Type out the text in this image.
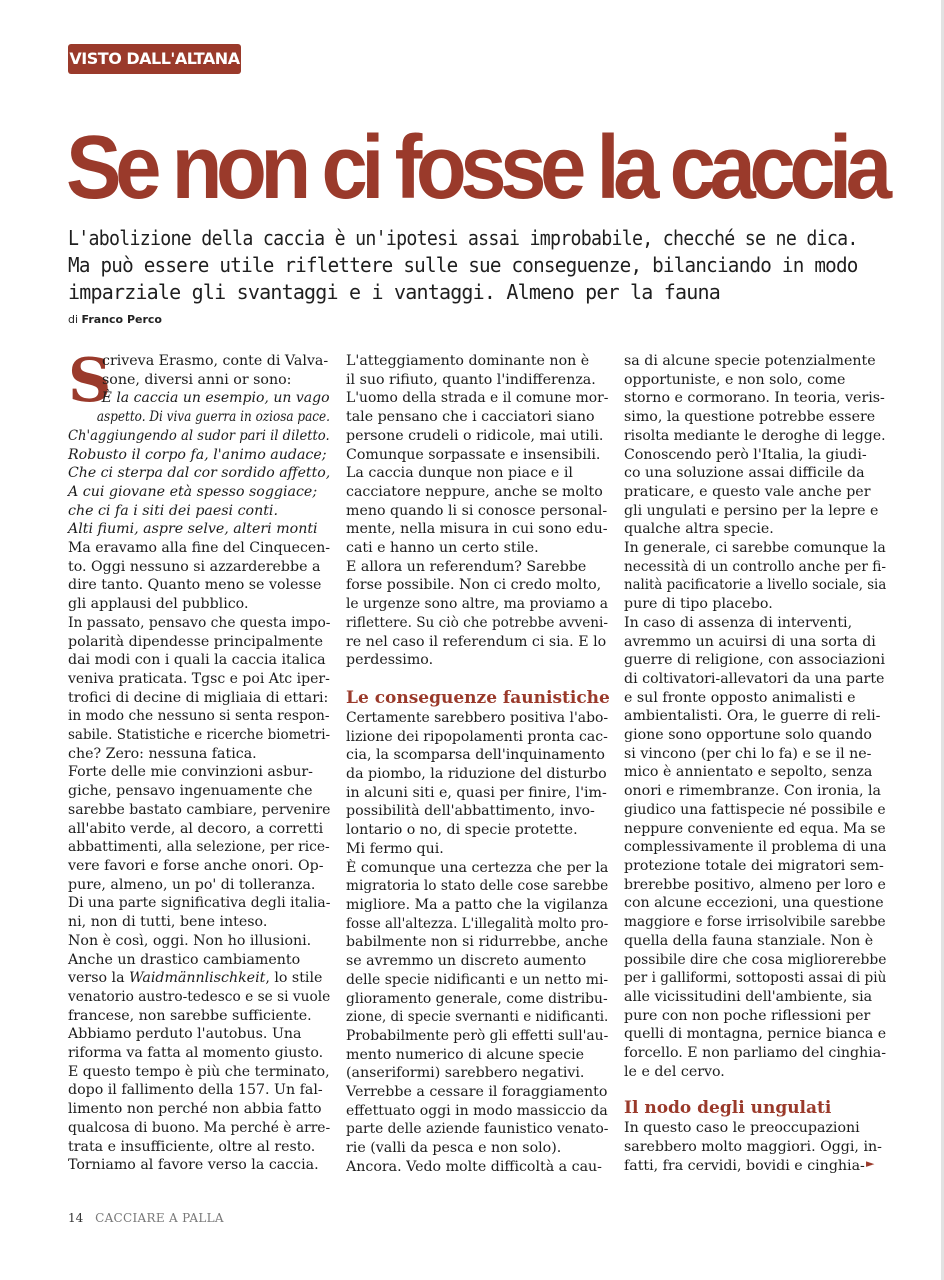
VISTO DALL'ALTANA
Se non ci fosse la caccia
L'abolizione della caccia è un'ipotesi assai improbabile, checché se ne dica.
Ma può essere utile riflettere sulle sue conseguenze, bilanciando in modo
imparziale gli svantaggi e i vantaggi. Almeno per la fauna
di Franco Perco
S
criveva Erasmo, conte di Valva-
sone, diversi anni or sono:
È la caccia un esempio, un vago
aspetto. Di viva guerra in oziosa pace.
Ch'aggiungendo al sudor pari il diletto.
Robusto il corpo fa, l'animo audace;
Che ci sterpa dal cor sordido affetto,
A cui giovane età spesso soggiace;
che ci fa i siti dei paesi conti.
Alti fiumi, aspre selve, alteri monti
Ma eravamo alla fine del Cinquecen-
to. Oggi nessuno si azzarderebbe a
dire tanto. Quanto meno se volesse
gli applausi del pubblico.
In passato, pensavo che questa impo-
polarità dipendesse principalmente
dai modi con i quali la caccia italica
veniva praticata. Tgsc e poi Atc iper-
trofici di decine di migliaia di ettari:
in modo che nessuno si senta respon-
sabile. Statistiche e ricerche biometri-
che? Zero: nessuna fatica.
Forte delle mie convinzioni asbur-
giche, pensavo ingenuamente che
sarebbe bastato cambiare, pervenire
all'abito verde, al decoro, a corretti
abbattimenti, alla selezione, per rice-
vere favori e forse anche onori. Op-
pure, almeno, un po' di tolleranza.
Di una parte significativa degli italia-
ni, non di tutti, bene inteso.
Non è così, oggi. Non ho illusioni.
Anche un drastico cambiamento
verso la Waidmännlischkeit, lo stile
venatorio austro-tedesco e se si vuole
francese, non sarebbe sufficiente.
Abbiamo perduto l'autobus. Una
riforma va fatta al momento giusto.
E questo tempo è più che terminato,
dopo il fallimento della 157. Un fal-
limento non perché non abbia fatto
qualcosa di buono. Ma perché è arre-
trata e insufficiente, oltre al resto.
Torniamo al favore verso la caccia.
L'atteggiamento dominante non è
il suo rifiuto, quanto l'indifferenza.
L'uomo della strada e il comune mor-
tale pensano che i cacciatori siano
persone crudeli o ridicole, mai utili.
Comunque sorpassate e insensibili.
La caccia dunque non piace e il
cacciatore neppure, anche se molto
meno quando li si conosce personal-
mente, nella misura in cui sono edu-
cati e hanno un certo stile.
E allora un referendum? Sarebbe
forse possibile. Non ci credo molto,
le urgenze sono altre, ma proviamo a
riflettere. Su ciò che potrebbe avveni-
re nel caso il referendum ci sia. E lo
perdessimo.
Le conseguenze faunistiche
Certamente sarebbero positiva l'abo-
lizione dei ripopolamenti pronta cac-
cia, la scomparsa dell'inquinamento
da piombo, la riduzione del disturbo
in alcuni siti e, quasi per finire, l'im-
possibilità dell'abbattimento, invo-
lontario o no, di specie protette.
Mi fermo qui.
È comunque una certezza che per la
migratoria lo stato delle cose sarebbe
migliore. Ma a patto che la vigilanza
fosse all'altezza. L'illegalità molto pro-
babilmente non si ridurrebbe, anche
se avremmo un discreto aumento
delle specie nidificanti e un netto mi-
glioramento generale, come distribu-
zione, di specie svernanti e nidificanti.
Probabilmente però gli effetti sull'au-
mento numerico di alcune specie
(anseriformi) sarebbero negativi.
Verrebbe a cessare il foraggiamento
effettuato oggi in modo massiccio da
parte delle aziende faunistico venato-
rie (valli da pesca e non solo).
Ancora. Vedo molte difficoltà a cau-
sa di alcune specie potenzialmente
opportuniste, e non solo, come
storno e cormorano. In teoria, veris-
simo, la questione potrebbe essere
risolta mediante le deroghe di legge.
Conoscendo però l'Italia, la giudi-
co una soluzione assai difficile da
praticare, e questo vale anche per
gli ungulati e persino per la lepre e
qualche altra specie.
In generale, ci sarebbe comunque la
necessità di un controllo anche per fi-
nalità pacificatorie a livello sociale, sia
pure di tipo placebo.
In caso di assenza di interventi,
avremmo un acuirsi di una sorta di
guerre di religione, con associazioni
di coltivatori-allevatori da una parte
e sul fronte opposto animalisti e
ambientalisti. Ora, le guerre di reli-
gione sono opportune solo quando
si vincono (per chi lo fa) e se il ne-
mico è annientato e sepolto, senza
onori e rimembranze. Con ironia, la
giudico una fattispecie né possibile e
neppure conveniente ed equa. Ma se
complessivamente il problema di una
protezione totale dei migratori sem-
brerebbe positivo, almeno per loro e
con alcune eccezioni, una questione
maggiore e forse irrisolvibile sarebbe
quella della fauna stanziale. Non è
possibile dire che cosa migliorerebbe
per i galliformi, sottoposti assai di più
alle vicissitudini dell'ambiente, sia
pure con non poche riflessioni per
quelli di montagna, pernice bianca e
forcello. E non parliamo del cinghia-
le e del cervo.
Il nodo degli ungulati
In questo caso le preoccupazioni
sarebbero molto maggiori. Oggi, in-
fatti, fra cervidi, bovidi e cinghia- ►
14 CACCIARE A PALLA
